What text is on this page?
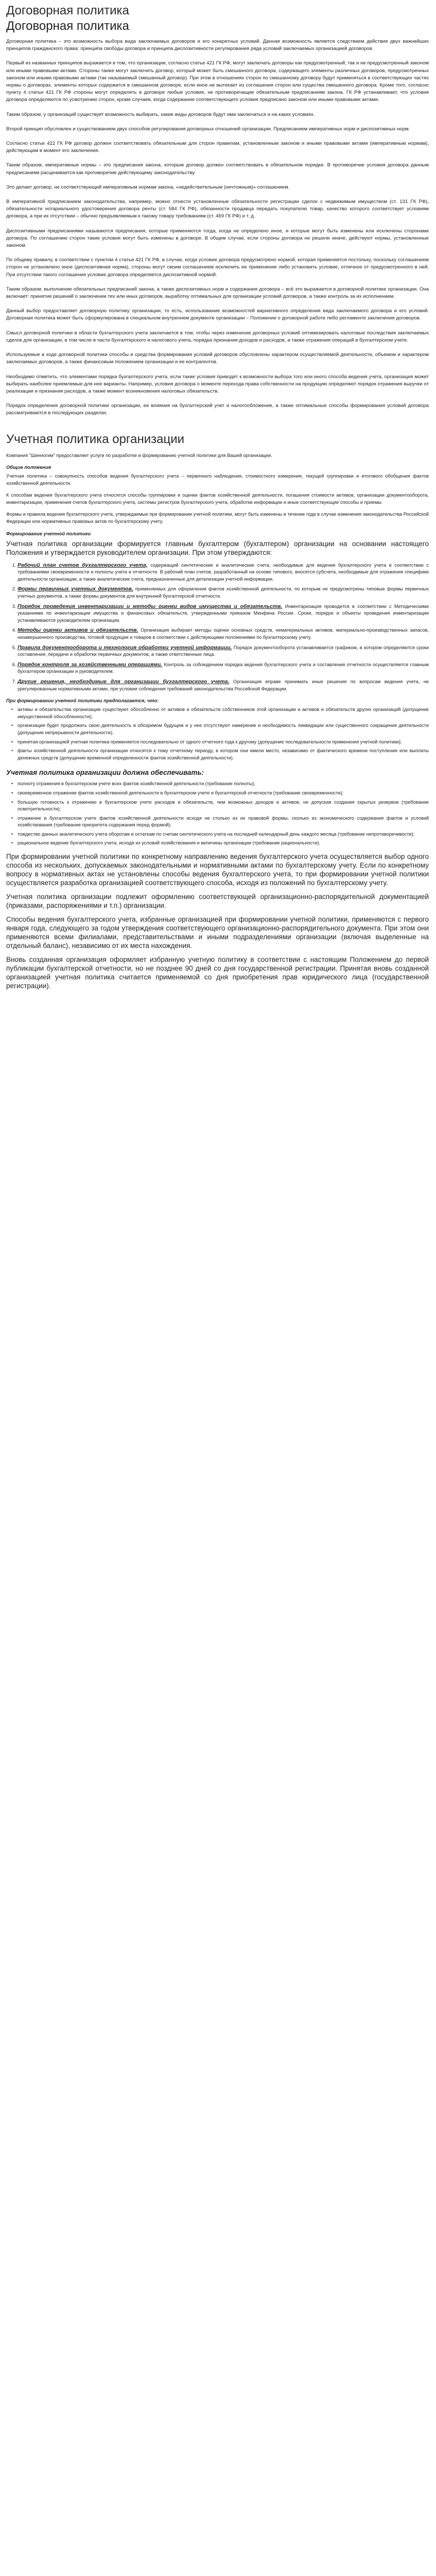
Договорная политика
Договорная политика

Договорная политика – это возможность выбора вида заключаемых договоров и его конкретных условий. Данная возможность является следствием действия двух важнейших принципов гражданского права: принципа свободы договора и принципа диспозитивности регулирования ряда условий заключаемых организацией договоров.

Первый из названных принципов выражается в том, что организации, согласно статье 421 ГК РФ, могут заключать договоры как предусмотренный, так и не предусмотренный законом или иными правовыми актами. Стороны также могут заключить договор, который может быть смешанного договора, содержащего элементы различных договоров, предусмотренных законом или иными правовыми актами (так называемый смешанный договор). При этом в отношениях сторон по смешанному договору будут применяться в соответствующих частях нормы о договорах, элементы которых содержатся в смешанном договоре, если иное не вытекает из соглашения сторон или существа смешанного договора. Кроме того, согласно пункту 4 статьи 421 ГК РФ стороны могут определять в договоре любые условия, не противоречащие обязательным предписаниям закона. ГК РФ устанавливает, что условия договора определяются по усмотрению сторон, кроме случаев, когда содержание соответствующего условия предписано законом или иными правовыми актами.

Таким образом, у организаций существует возможность выбирать, какие виды договоров будут ими заключаться и на каких условиях.

Второй принцип обусловлен и существованием двух способов регулирования договорных отношений организации. Предписанием императивных норм и диспозитивных норм.

Согласно статье 422 ГК РФ договор должен соответствовать обязательным для сторон правилам, установленным законом и иными правовыми актами (императивным нормам), действующим в момент его заключения.

Таким образом, императивные нормы – это предписания закона, которым договор должен соответствовать в обязательном порядке. В противоречие условия договора данным предписаниям расценивается как противоречие действующему законодательству.

Это делает договор, не соответствующий императивным нормам закона, «недействительным (ничтожным)» соглашением.

В императивной предписанием законодательства, например, можно отнести установленные обязательности регистрации сделок с недвижимым имуществом (ст. 131 ГК РФ), обязательности нотариального удостоверения договора ренты (ст. 584 ГК РФ), обязанности продавца передать покупателю товар, качество которого соответствует условиям договора, а при их отсутствии – обычно предъявляемым к такому товару требованиям (ст. 469 ГК РФ) и т. д.

Диспозитивными предписаниями называются предписания, которые применяются тогда, когда не определено иное, и которые могут быть изменены или исключены сторонами договора. По соглашению сторон такие условия могут быть изменены в договоре. В общем случае, если стороны договора не решили иначе, действуют нормы, установленные законом.

По общему правилу, в соответствии с пунктом 4 статьи 421 ГК РФ, в случае, когда условие договора предусмотрено нормой, которая применяется постольку, поскольку соглашением сторон не установлено иное (диспозитивная норма), стороны могут своим соглашением исключить ее применение либо установить условие, отличное от предусмотренного в ней. При отсутствии такого соглашения условие договора определяется диспозитивной нормой.

Таким образом, выполнение обязательных предписаний закона, а также диспозитивных норм и содержания договора – всё это выражается в договорной политике организации. Она включает: принятие решений о заключении тех или иных договоров, выработку оптимальных для организации условий договоров, а также контроль за их исполнением.

Данный выбор предоставляет договорную политику организации, то есть, использование возможностей вариативного определения вида заключаемого договора и его условий. Договорная политика может быть сформулирована в специальном внутреннем документе организации – Положении о договорной работе либо регламенте заключения договоров.

Смысл договорной политики в области бухгалтерского учета заключается в том, чтобы через изменение договорных условий оптимизировать налоговые последствия заключаемых сделок для организации, в том числе в части бухгалтерского и налогового учета, порядка признания доходов и расходов, а также отражения операций в бухгалтерском учете.

Используемые в ходе договорной политики способы и средства формирования условий договоров обусловлены характером осуществляемой деятельности, объемом и характером заключаемых договоров, а также финансовым положением организации и ее контрагентов.

Необходимо отметить, что элементами порядка бухгалтерского учета, если такие условия приводят к возможности выбора того или иного способа ведения учета, организация может выбирать наиболее приемлемые для нее варианты. Например, условия договора о моменте перехода права собственности на продукцию определяют порядок отражения выручки от реализации и признания расходов, а также момент возникновения налоговых обязательств.

Порядок определения договорной политики организации, ее влияния на бухгалтерский учет и налогообложение, а также оптимальные способы формирования условий договора рассматриваются в последующих разделах.

Учетная политика организации

Компания "Шинногим" предоставляет услуги по разработке и формированию учетной политики для Вашей организации.

Общие положения

Учетная политика – совокупность способов ведения бухгалтерского учета – первичного наблюдения, стоимостного измерения, текущей группировки и итогового обобщения фактов хозяйственной деятельности.

К способам ведения бухгалтерского учета относятся способы группировки и оценки фактов хозяйственной деятельности, погашения стоимости активов, организации документооборота, инвентаризации, применения счетов бухгалтерского учета, системы регистров бухгалтерского учета, обработки информации и иные соответствующие способы и приемы.

Формы и правила ведения бухгалтерского учета, утверждаемые при формировании учетной политики, могут быть изменены в течение года в случае изменения законодательства Российской Федерации или нормативных правовых актов по бухгалтерскому учету.

Формирование учетной политики

Учетная политика организации формируется главным бухгалтером (бухгалтером) организации на основании настоящего Положения и утверждается руководителем организации. При этом утверждаются:

1. Рабочий план счетов бухгалтерского учета, содержащий синтетические и аналитические счета, необходимые для ведения бухгалтерского учета в соответствии с требованиями своевременности и полноты учета и отчетности. В рабочий план счетов, разработанный на основе типового, вносятся субсчета, необходимые для отражения специфики деятельности организации, а также аналитические счета, предназначенные для детализации учетной информации.
2. Формы первичных учетных документов, применяемых для оформления фактов хозяйственной деятельности, по которым не предусмотрены типовые формы первичных учетных документов, а также формы документов для внутренней бухгалтерской отчетности.
3. Порядок проведения инвентаризации и методы оценки видов имущества и обязательств. Инвентаризация проводится в соответствии с Методическими указаниями по инвентаризации имущества и финансовых обязательств, утвержденными приказом Минфина России. Сроки, порядок и объекты проведения инвентаризации устанавливаются руководителем организации.
4. Методы оценки активов и обязательств. Организация выбирает методы оценки основных средств, нематериальных активов, материально-производственных запасов, незавершенного производства, готовой продукции и товаров в соответствии с действующими положениями по бухгалтерскому учету.
5. Правила документооборота и технология обработки учетной информации. Порядок документооборота устанавливается графиком, в котором определяются сроки составления, передачи и обработки первичных документов, а также ответственные лица.
6. Порядок контроля за хозяйственными операциями. Контроль за соблюдением порядка ведения бухгалтерского учета и составления отчетности осуществляется главным бухгалтером организации и руководителем.
7. Другие решения, необходимые для организации бухгалтерского учета. Организация вправе принимать иные решения по вопросам ведения учета, не урегулированным нормативными актами, при условии соблюдения требований законодательства Российской Федерации.
При формировании учетной политики предполагается, что:
• активы и обязательства организации существуют обособленно от активов и обязательств собственников этой организации и активов и обязательств других организаций (допущение имущественной обособленности);
• организация будет продолжать свою деятельность в обозримом будущем и у нее отсутствуют намерение и необходимость ликвидации или существенного сокращения деятельности (допущение непрерывности деятельности);
• принятая организацией учетная политика применяется последовательно от одного отчетного года к другому (допущение последовательности применения учетной политики);
• факты хозяйственной деятельности организации относятся к тому отчетному периоду, в котором они имели место, независимо от фактического времени поступления или выплаты денежных средств (допущение временной определенности фактов хозяйственной деятельности).
Учетная политика организации должна обеспечивать:
• полноту отражения в бухгалтерском учете всех фактов хозяйственной деятельности (требование полноты);
• своевременное отражение фактов хозяйственной деятельности в бухгалтерском учете и бухгалтерской отчетности (требование своевременности);
• большую готовность к отражению в бухгалтерском учете расходов и обязательств, чем возможных доходов и активов, не допуская создания скрытых резервов (требование осмотрительности);
• отражение в бухгалтерском учете фактов хозяйственной деятельности исходя не столько из их правовой формы, сколько из экономического содержания фактов и условий хозяйствования (требование приоритета содержания перед формой);
• тождество данных аналитического учета оборотам и остаткам по счетам синтетического учета на последний календарный день каждого месяца (требование непротиворечивости);
• рациональное ведение бухгалтерского учета, исходя из условий хозяйствования и величины организации (требование рациональности).

При формировании учетной политики по конкретному направлению ведения бухгалтерского учета осуществляется выбор одного способа из нескольких, допускаемых законодательными и нормативными актами по бухгалтерскому учету. Если по конкретному вопросу в нормативных актах не установлены способы ведения бухгалтерского учета, то при формировании учетной политики осуществляется разработка организацией соответствующего способа, исходя из положений по бухгалтерскому учету.

Учетная политика организации подлежит оформлению соответствующей организационно-распорядительной документацией (приказами, распоряжениями и т.п.) организации.

Способы ведения бухгалтерского учета, избранные организацией при формировании учетной политики, применяются с первого января года, следующего за годом утверждения соответствующего организационно-распорядительного документа. При этом они применяются всеми филиалами, представительствами и иными подразделениями организации (включая выделенные на отдельный баланс), независимо от их места нахождения.

Вновь созданная организация оформляет избранную учетную политику в соответствии с настоящим Положением до первой публикации бухгалтерской отчетности, но не позднее 90 дней со дня государственной регистрации. Принятая вновь созданной организацией учетная политика считается применяемой со дня приобретения прав юридического лица (государственной регистрации).
